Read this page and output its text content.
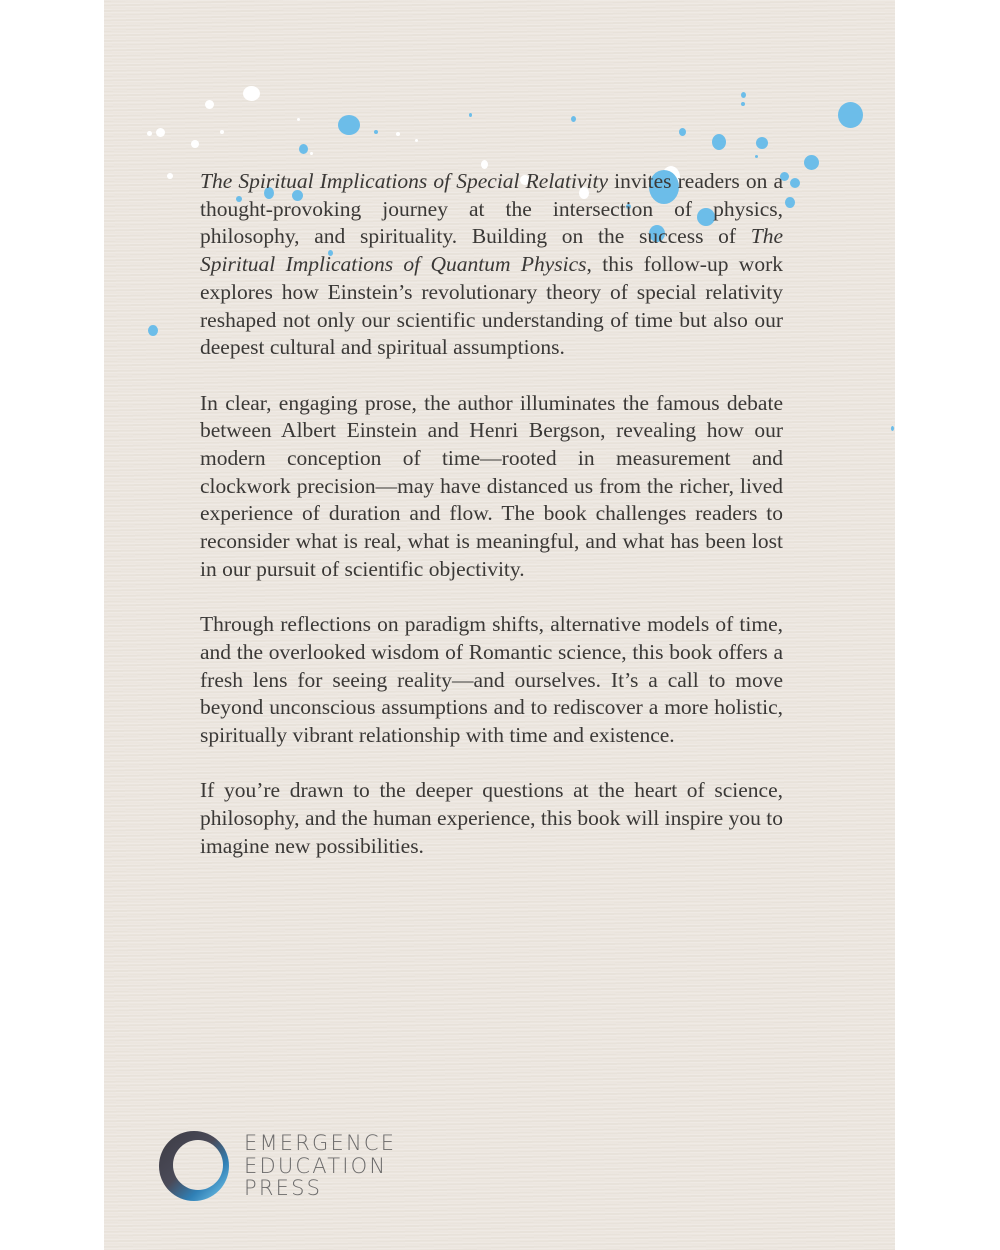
The Spiritual Implications of Special Relativity invites readers on a thought-provoking journey at the intersection of physics, philosophy, and spirituality. Building on the success of The Spiritual Implications of Quantum Physics, this follow-up work explores how Einstein’s revolutionary theory of special relativity reshaped not only our scientific understanding of time but also our deepest cultural and spiritual assumptions.

In clear, engaging prose, the author illuminates the famous debate between Albert Einstein and Henri Bergson, revealing how our modern conception of time—rooted in measurement and clockwork precision—may have distanced us from the richer, lived experience of duration and flow. The book challenges readers to reconsider what is real, what is meaningful, and what has been lost in our pursuit of scientific objectivity.

Through reflections on paradigm shifts, alternative models of time, and the overlooked wisdom of Romantic science, this book offers a fresh lens for seeing reality—and ourselves. It’s a call to move beyond unconscious assumptions and to rediscover a more holistic, spiritually vibrant relationship with time and existence.

If you’re drawn to the deeper questions at the heart of science, philosophy, and the human experience, this book will inspire you to imagine new possibilities.

EMERGENCE
EDUCATION
PRESS
